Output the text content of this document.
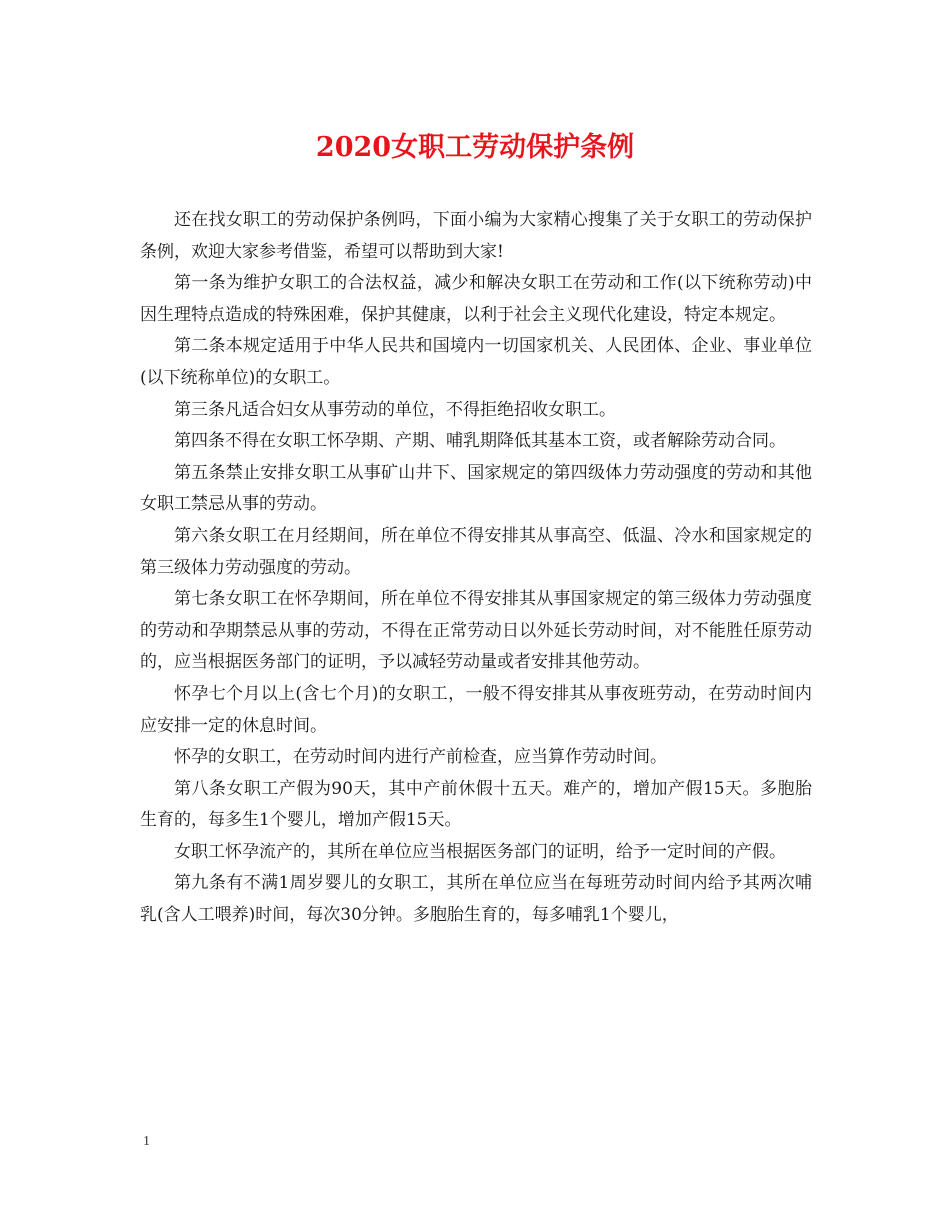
2020女职工劳动保护条例

还在找女职工的劳动保护条例吗，下面小编为大家精心搜集了关于女职工的劳动保护条例，欢迎大家参考借鉴，希望可以帮助到大家!

第一条为维护女职工的合法权益，减少和解决女职工在劳动和工作(以下统称劳动)中因生理特点造成的特殊困难，保护其健康，以利于社会主义现代化建设，特定本规定。

第二条本规定适用于中华人民共和国境内一切国家机关、人民团体、企业、事业单位(以下统称单位)的女职工。

第三条凡适合妇女从事劳动的单位，不得拒绝招收女职工。

第四条不得在女职工怀孕期、产期、哺乳期降低其基本工资，或者解除劳动合同。

第五条禁止安排女职工从事矿山井下、国家规定的第四级体力劳动强度的劳动和其他女职工禁忌从事的劳动。

第六条女职工在月经期间，所在单位不得安排其从事高空、低温、冷水和国家规定的第三级体力劳动强度的劳动。

第七条女职工在怀孕期间，所在单位不得安排其从事国家规定的第三级体力劳动强度的劳动和孕期禁忌从事的劳动，不得在正常劳动日以外延长劳动时间，对不能胜任原劳动的，应当根据医务部门的证明，予以减轻劳动量或者安排其他劳动。

怀孕七个月以上(含七个月)的女职工，一般不得安排其从事夜班劳动，在劳动时间内应安排一定的休息时间。

怀孕的女职工，在劳动时间内进行产前检查，应当算作劳动时间。

第八条女职工产假为90天，其中产前休假十五天。难产的，增加产假15天。多胞胎生育的，每多生1个婴儿，增加产假15天。

女职工怀孕流产的，其所在单位应当根据医务部门的证明，给予一定时间的产假。

第九条有不满1周岁婴儿的女职工，其所在单位应当在每班劳动时间内给予其两次哺乳(含人工喂养)时间，每次30分钟。多胞胎生育的，每多哺乳1个婴儿，

1
